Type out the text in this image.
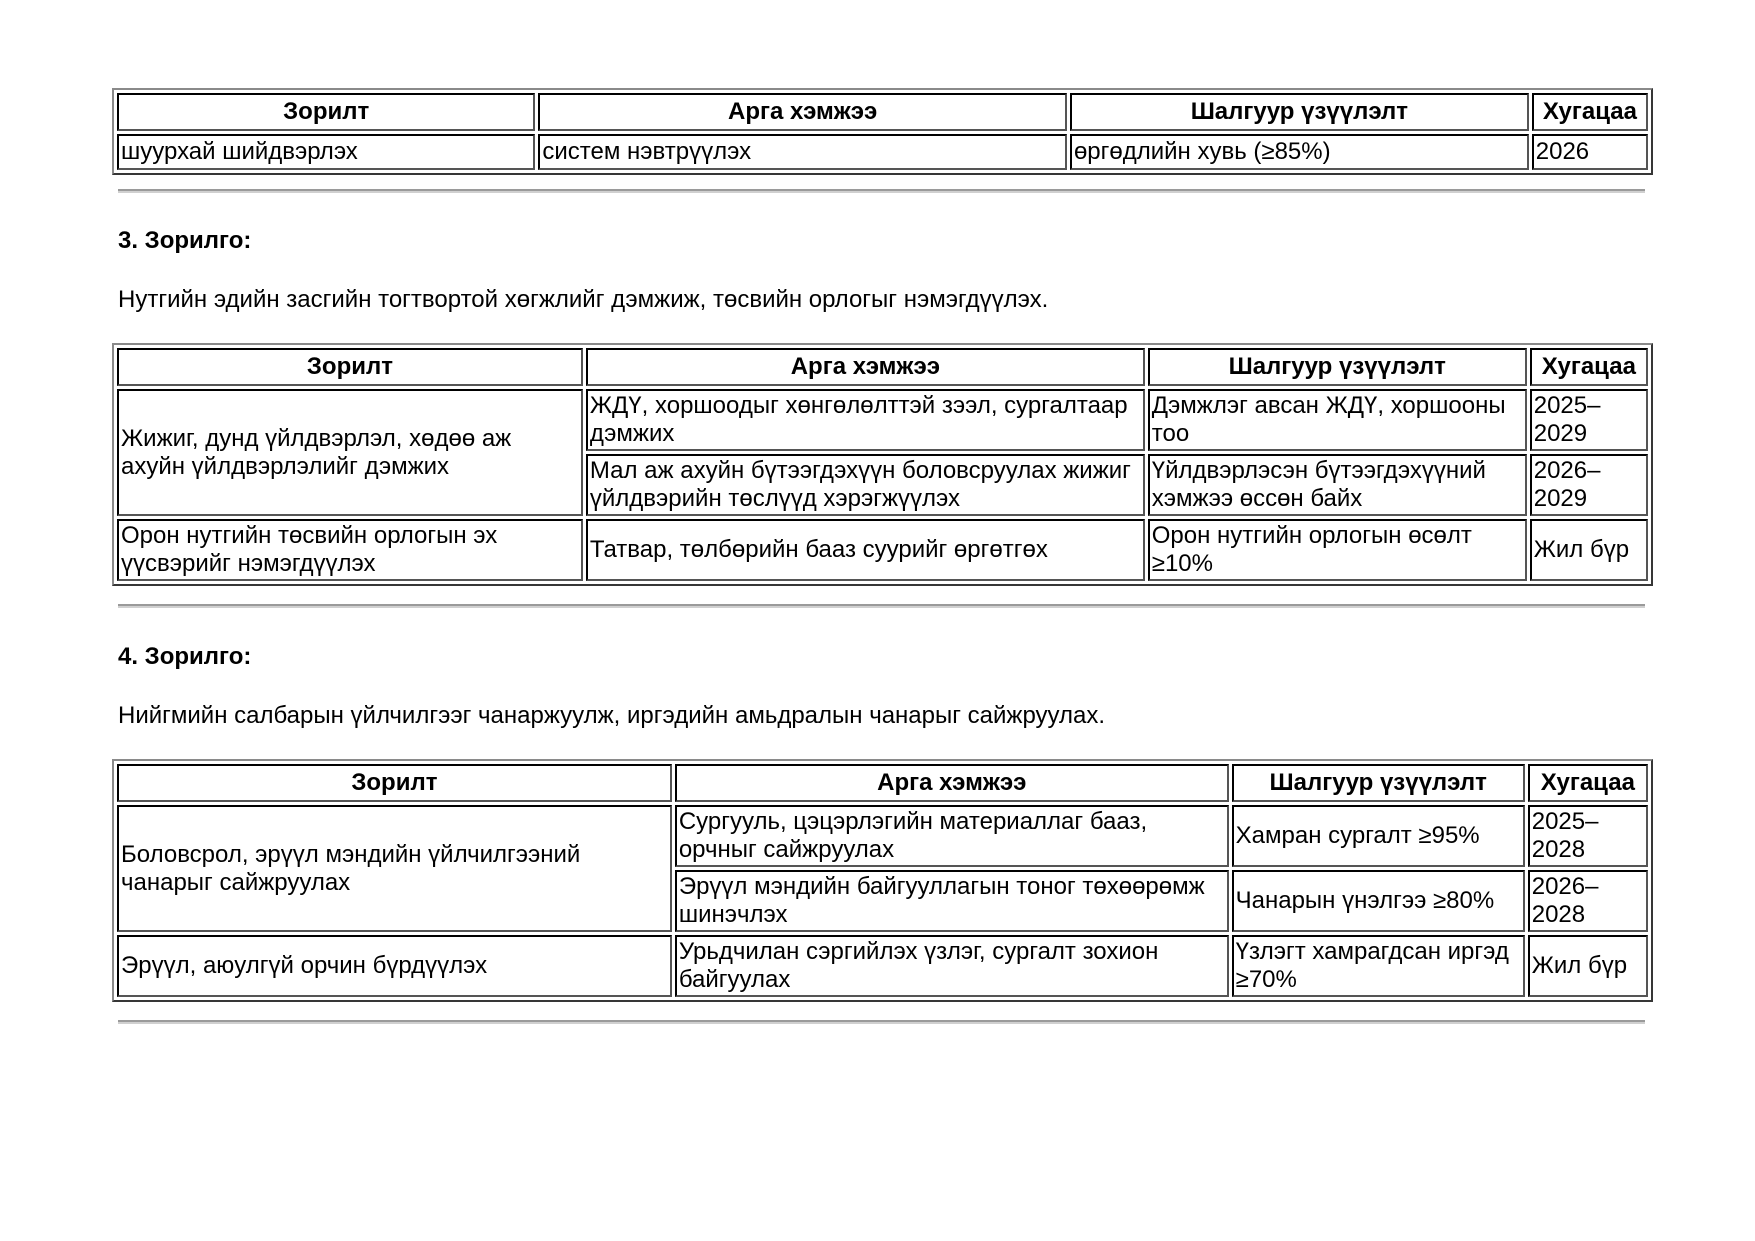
Зорилт	Арга хэмжээ	Шалгуур үзүүлэлт	Хугацаа
шуурхай шийдвэрлэх	систем нэвтрүүлэх	өргөдлийн хувь (≥85%)	2026
3. Зорилго:
Нутгийн эдийн засгийн тогтвортой хөгжлийг дэмжиж, төсвийн орлогыг нэмэгдүүлэх.
Зорилт	Арга хэмжээ	Шалгуур үзүүлэлт	Хугацаа
Жижиг, дунд үйлдвэрлэл, хөдөө аж ахуйн үйлдвэрлэлийг дэмжих	ЖДҮ, хоршоодыг хөнгөлөлттэй зээл, сургалтаар дэмжих	Дэмжлэг авсан ЖДҮ, хоршооны тоо	2025–2029
	Мал аж ахуйн бүтээгдэхүүн боловсруулах жижиг үйлдвэрийн төслүүд хэрэгжүүлэх	Үйлдвэрлэсэн бүтээгдэхүүний хэмжээ өссөн байх	2026–2029
Орон нутгийн төсвийн орлогын эх үүсвэрийг нэмэгдүүлэх	Татвар, төлбөрийн бааз суурийг өргөтгөх	Орон нутгийн орлогын өсөлт ≥10%	Жил бүр
4. Зорилго:
Нийгмийн салбарын үйлчилгээг чанаржуулж, иргэдийн амьдралын чанарыг сайжруулах.
Зорилт	Арга хэмжээ	Шалгуур үзүүлэлт	Хугацаа
Боловсрол, эрүүл мэндийн үйлчилгээний чанарыг сайжруулах	Сургууль, цэцэрлэгийн материаллаг бааз, орчныг сайжруулах	Хамран сургалт ≥95%	2025–2028
	Эрүүл мэндийн байгууллагын тоног төхөөрөмж шинэчлэх	Чанарын үнэлгээ ≥80%	2026–2028
Эрүүл, аюулгүй орчин бүрдүүлэх	Урьдчилан сэргийлэх үзлэг, сургалт зохион байгуулах	Үзлэгт хамрагдсан иргэд ≥70%	Жил бүр
